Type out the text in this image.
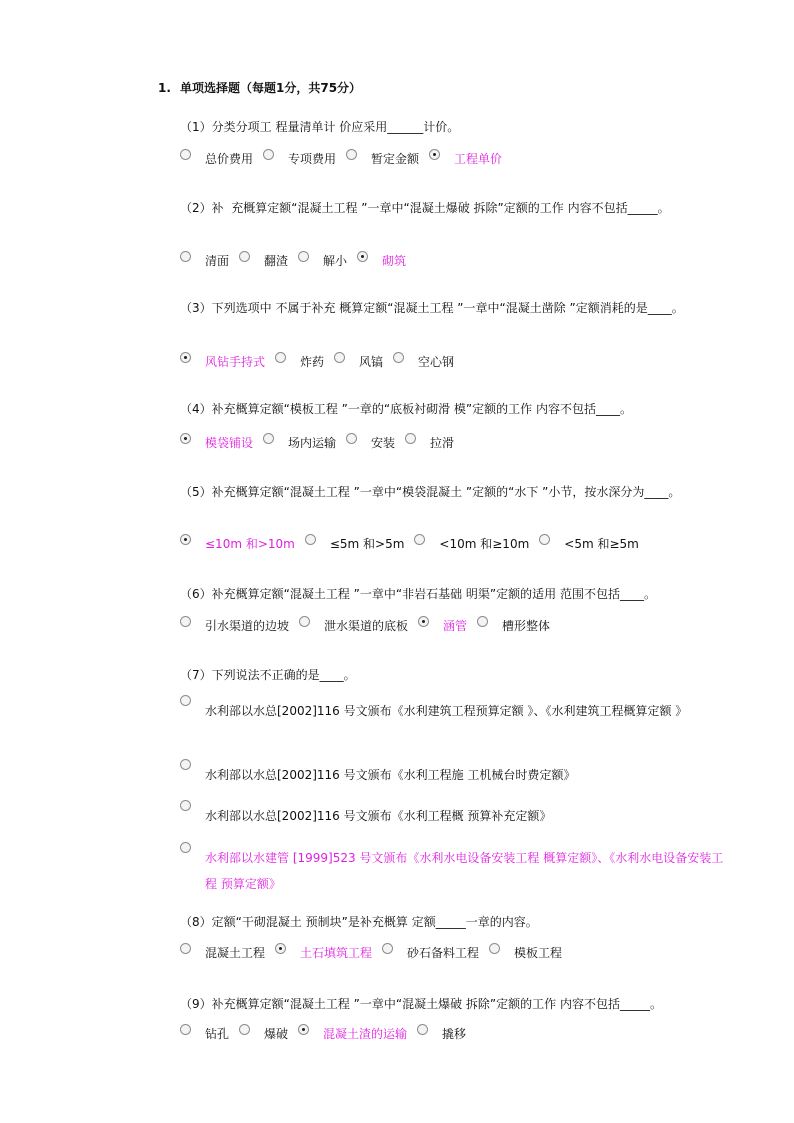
1. 单项选择题（每题1分，共75分）
（1）分类分项工 程量清单计 价应采用______计价。
总价费用	专项费用	暂定金额	工程单价
（2）补  充概算定额“混凝土工程 ”一章中“混凝土爆破 拆除”定额的工作 内容不包括_____。
清面	翻渣	解小	砌筑
（3）下列选项中 不属于补充 概算定额“混凝土工程 ”一章中“混凝土凿除 ”定额消耗的是____。
风钻手持式	炸药	风镐	空心钢
（4）补充概算定额“模板工程 ”一章的“底板衬砌滑 模”定额的工作 内容不包括____。
模袋铺设	场内运输	安装	拉滑
（5）补充概算定额“混凝土工程 ”一章中“模袋混凝土 ”定额的“水下 ”小节，按水深分为____。
≤10m 和>10m	≤5m 和>5m	<10m 和≥10m	<5m 和≥5m
（6）补充概算定额“混凝土工程 ”一章中“非岩石基础 明渠”定额的适用 范围不包括____。
引水渠道的边坡	泄水渠道的底板	涵管	槽形整体
（7）下列说法不正确的是____。
水利部以水总[2002]116 号文颁布《水利建筑工程预算定额 》、《水利建筑工程概算定额 》
水利部以水总[2002]116 号文颁布《水利工程施 工机械台时费定额》
水利部以水总[2002]116 号文颁布《水利工程概 预算补充定额》
水利部以水建管 [1999]523 号文颁布《水利水电设备安装工程 概算定额》、《水利水电设备安装工程 预算定额》
（8）定额“干砌混凝土 预制块”是补充概算 定额_____一章的内容。
混凝土工程	土石填筑工程	砂石备料工程	模板工程
（9）补充概算定额“混凝土工程 ”一章中“混凝土爆破 拆除”定额的工作 内容不包括_____。
钻孔	爆破	混凝土渣的运输	撬移
